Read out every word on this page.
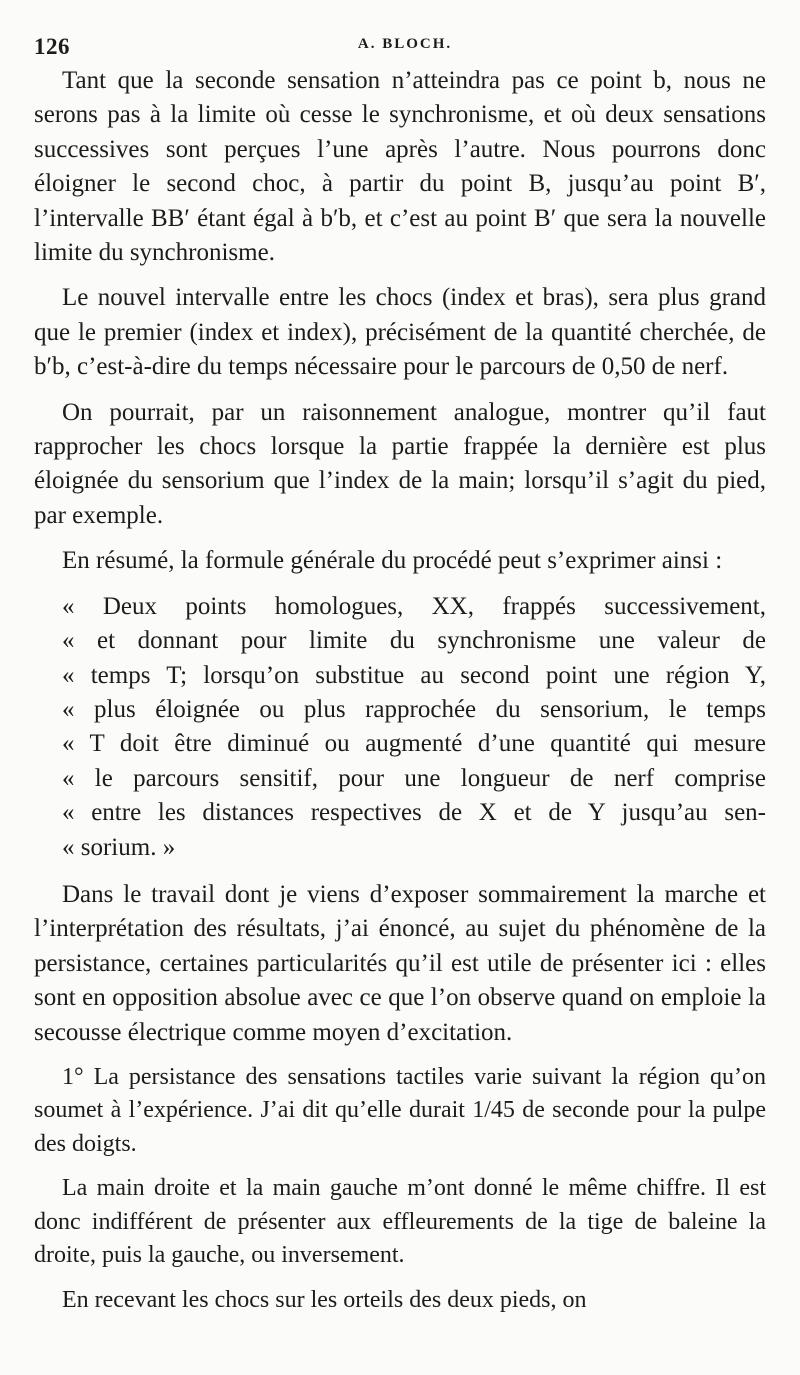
126	A. BLOCH.

Tant que la seconde sensation n’atteindra pas ce point b, nous ne serons pas à la limite où cesse le synchronisme, et où deux sensations successives sont perçues l’une après l’autre. Nous pourrons donc éloigner le second choc, à partir du point B, jusqu’au point B′, l’intervalle BB′ étant égal à b′b, et c’est au point B′ que sera la nouvelle limite du synchronisme.

Le nouvel intervalle entre les chocs (index et bras), sera plus grand que le premier (index et index), précisément de la quantité cherchée, de b′b, c’est-à-dire du temps nécessaire pour le parcours de 0,50 de nerf.

On pourrait, par un raisonnement analogue, montrer qu’il faut rapprocher les chocs lorsque la partie frappée la dernière est plus éloignée du sensorium que l’index de la main; lorsqu’il s’agit du pied, par exemple.

En résumé, la formule générale du procédé peut s’exprimer ainsi :

« Deux points homologues, XX, frappés successivement,
« et donnant pour limite du synchronisme une valeur de
« temps T; lorsqu’on substitue au second point une région Y,
« plus éloignée ou plus rapprochée du sensorium, le temps
« T doit être diminué ou augmenté d’une quantité qui mesure
« le parcours sensitif, pour une longueur de nerf comprise
« entre les distances respectives de X et de Y jusqu’au sen-
« sorium. »

Dans le travail dont je viens d’exposer sommairement la marche et l’interprétation des résultats, j’ai énoncé, au sujet du phénomène de la persistance, certaines particularités qu’il est utile de présenter ici : elles sont en opposition absolue avec ce que l’on observe quand on emploie la secousse électrique comme moyen d’excitation.

1° La persistance des sensations tactiles varie suivant la région qu’on soumet à l’expérience. J’ai dit qu’elle durait 1/45 de seconde pour la pulpe des doigts.

La main droite et la main gauche m’ont donné le même chiffre. Il est donc indifférent de présenter aux effleurements de la tige de baleine la droite, puis la gauche, ou inversement.

En recevant les chocs sur les orteils des deux pieds, on
